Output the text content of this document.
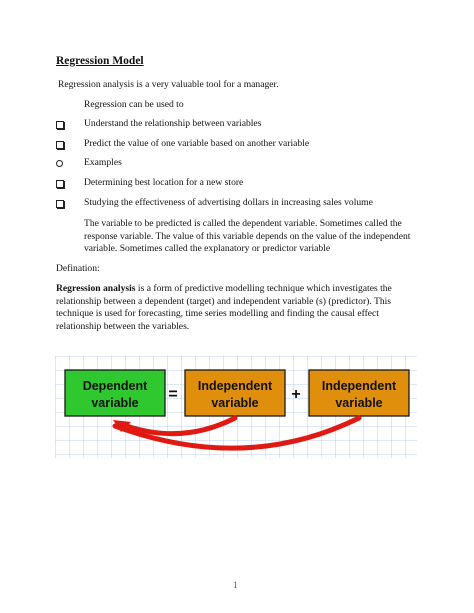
Regression Model
Regression analysis is a very valuable tool for a manager.
Regression can be used to
Understand the relationship between variables
Predict the value of one variable based on another variable
Examples
Determining best location for a new store
Studying the effectiveness of advertising dollars in increasing sales volume
The variable to be predicted is called the dependent variable. Sometimes called the response variable. The value of this variable depends on the value of the independent variable. Sometimes called the explanatory or predictor variable
Defination:
Regression analysis is a form of predictive modelling technique which investigates the relationship between a dependent (target) and independent variable (s) (predictor). This technique is used for forecasting, time series modelling and finding the causal effect relationship between the variables.
Dependent
variable = Independent
variable + Independent
variable
1
